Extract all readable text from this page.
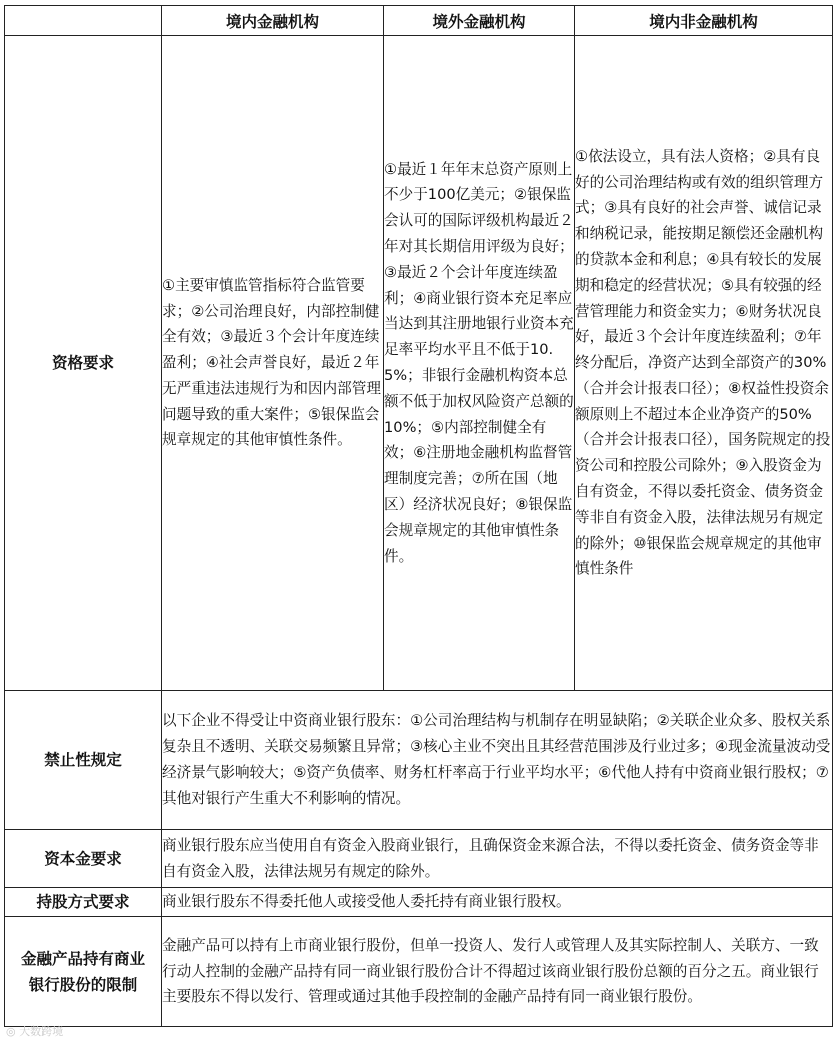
	境内金融机构	境外金融机构	境内非金融机构
资格要求	①主要审慎监管指标符合监管要求；②公司治理良好，内部控制健全有效；③最近３个会计年度连续盈利；④社会声誉良好，最近２年无严重违法违规行为和因内部管理问题导致的重大案件；⑤银保监会规章规定的其他审慎性条件。	①最近１年年末总资产原则上不少于100亿美元；②银保监会认可的国际评级机构最近２年对其长期信用评级为良好；③最近２个会计年度连续盈利；④商业银行资本充足率应当达到其注册地银行业资本充足率平均水平且不低于10.5%；非银行金融机构资本总额不低于加权风险资产总额的10%；⑤内部控制健全有效；⑥注册地金融机构监督管理制度完善；⑦所在国（地区）经济状况良好；⑧银保监会规章规定的其他审慎性条件。	①依法设立，具有法人资格；②具有良好的公司治理结构或有效的组织管理方式；③具有良好的社会声誉、诚信记录和纳税记录，能按期足额偿还金融机构的贷款本金和利息；④具有较长的发展期和稳定的经营状况；⑤具有较强的经营管理能力和资金实力；⑥财务状况良好，最近３个会计年度连续盈利；⑦年终分配后，净资产达到全部资产的30%（合并会计报表口径）；⑧权益性投资余额原则上不超过本企业净资产的50%（合并会计报表口径），国务院规定的投资公司和控股公司除外；⑨入股资金为自有资金，不得以委托资金、债务资金等非自有资金入股，法律法规另有规定的除外；⑩银保监会规章规定的其他审慎性条件
禁止性规定	以下企业不得受让中资商业银行股东：①公司治理结构与机制存在明显缺陷；②关联企业众多、股权关系复杂且不透明、关联交易频繁且异常；③核心主业不突出且其经营范围涉及行业过多；④现金流量波动受经济景气影响较大；⑤资产负债率、财务杠杆率高于行业平均水平；⑥代他人持有中资商业银行股权；⑦其他对银行产生重大不利影响的情况。		
资本金要求	商业银行股东应当使用自有资金入股商业银行，且确保资金来源合法，不得以委托资金、债务资金等非自有资金入股，法律法规另有规定的除外。		
持股方式要求	商业银行股东不得委托他人或接受他人委托持有商业银行股权。		
金融产品持有商业银行股份的限制	金融产品可以持有上市商业银行股份，但单一投资人、发行人或管理人及其实际控制人、关联方、一致行动人控制的金融产品持有同一商业银行股份合计不得超过该商业银行股份总额的百分之五。商业银行主要股东不得以发行、管理或通过其他手段控制的金融产品持有同一商业银行股份。		
◎ 大数跨境
